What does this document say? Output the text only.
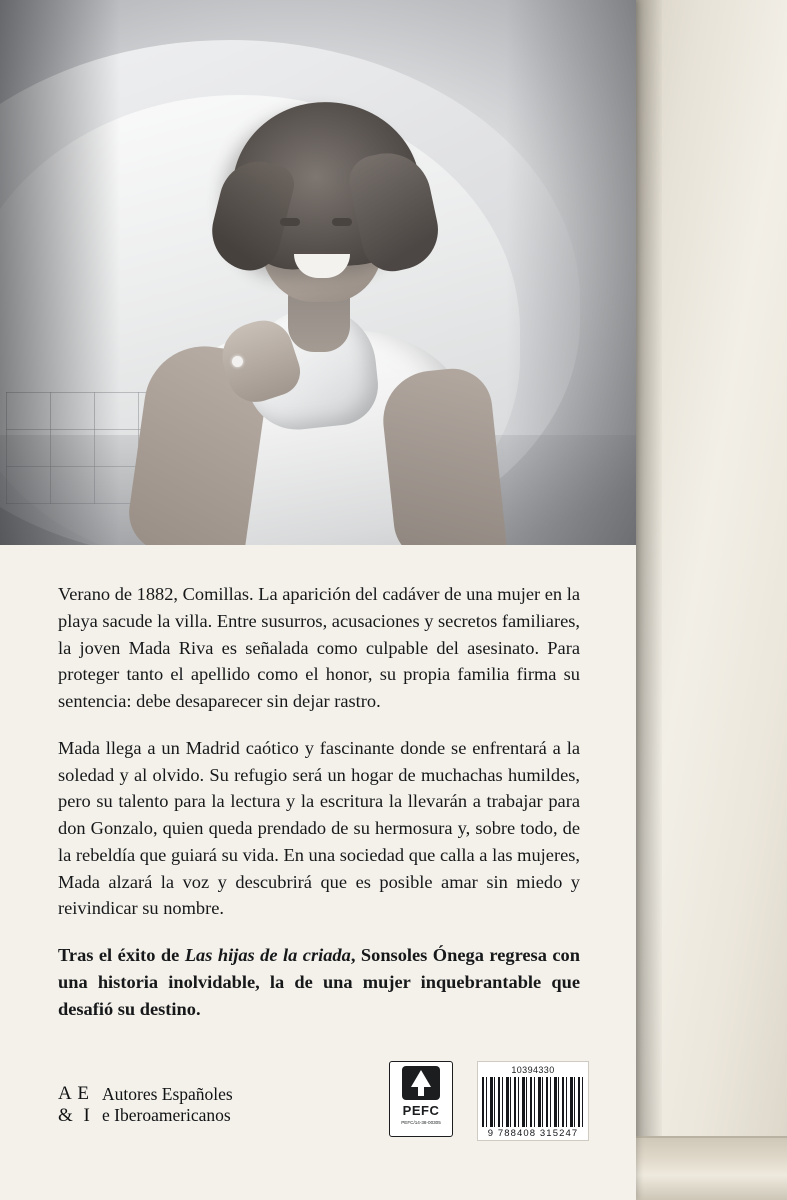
Verano de 1882, Comillas. La aparición del cadáver de una mujer en la playa sacude la villa. Entre susurros, acusaciones y secretos familiares, la joven Mada Riva es señalada como culpable del asesinato. Para proteger tanto el apellido como el honor, su propia familia firma su sentencia: debe desaparecer sin dejar rastro.

Mada llega a un Madrid caótico y fascinante donde se enfrentará a la soledad y al olvido. Su refugio será un hogar de muchachas humildes, pero su talento para la lectura y la escritura la llevarán a trabajar para don Gonzalo, quien queda prendado de su hermosura y, sobre todo, de la rebeldía que guiará su vida. En una sociedad que calla a las mujeres, Mada alzará la voz y descubrirá que es posible amar sin miedo y reivindicar su nombre.

Tras el éxito de Las hijas de la criada, Sonsoles Ónega regresa con una historia inolvidable, la de una mujer inquebrantable que desafió su destino.

A E
& I
Autores Españoles
e Iberoamericanos	PEFC
PEFC/14-38-00305
10394330
9 788408 315247
